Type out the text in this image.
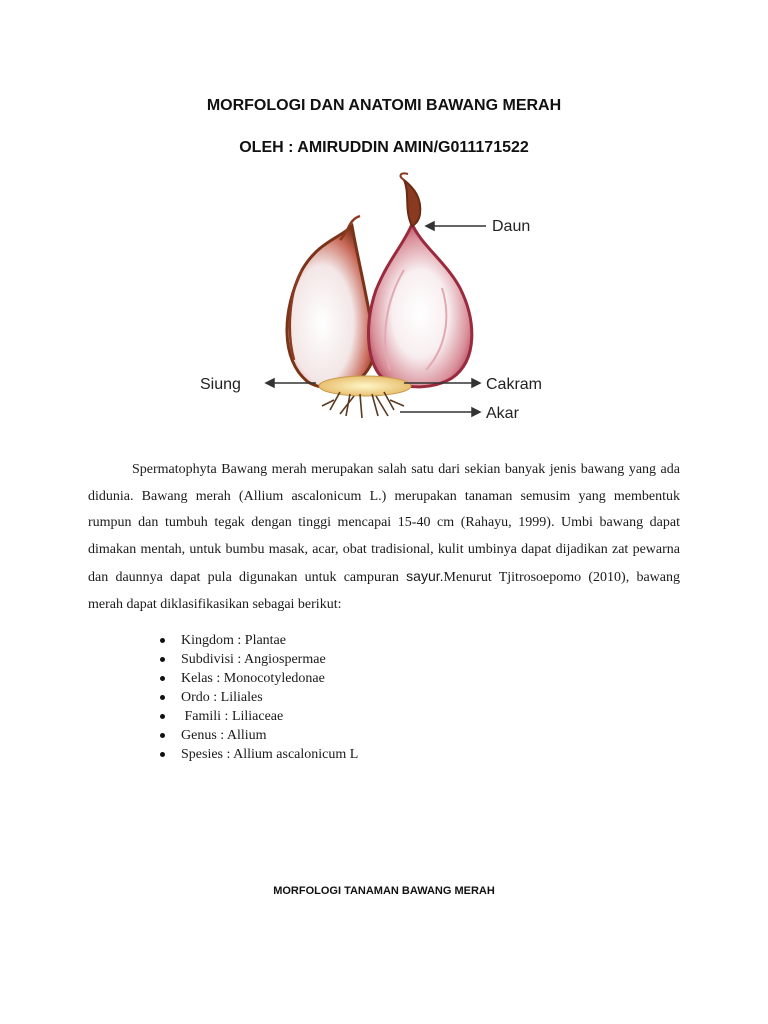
MORFOLOGI DAN ANATOMI BAWANG MERAH
OLEH : AMIRUDDIN AMIN/G011171522
Daun
Siung	Cakram
Akar

Spermatophyta Bawang merah merupakan salah satu dari sekian banyak jenis bawang yang ada didunia. Bawang merah (Allium ascalonicum L.) merupakan tanaman semusim yang membentuk rumpun dan tumbuh tegak dengan tinggi mencapai 15-40 cm (Rahayu, 1999). Umbi bawang dapat dimakan mentah, untuk bumbu masak, acar, obat tradisional, kulit umbinya dapat dijadikan zat pewarna dan daunnya dapat pula digunakan untuk campuran sayur.Menurut Tjitrosoepomo (2010), bawang merah dapat diklasifikasikan sebagai berikut:

Kingdom : Plantae
Subdivisi : Angiospermae
Kelas : Monocotyledonae
Ordo : Liliales
Famili : Liliaceae
Genus : Allium
Spesies : Allium ascalonicum L
MORFOLOGI TANAMAN BAWANG MERAH
